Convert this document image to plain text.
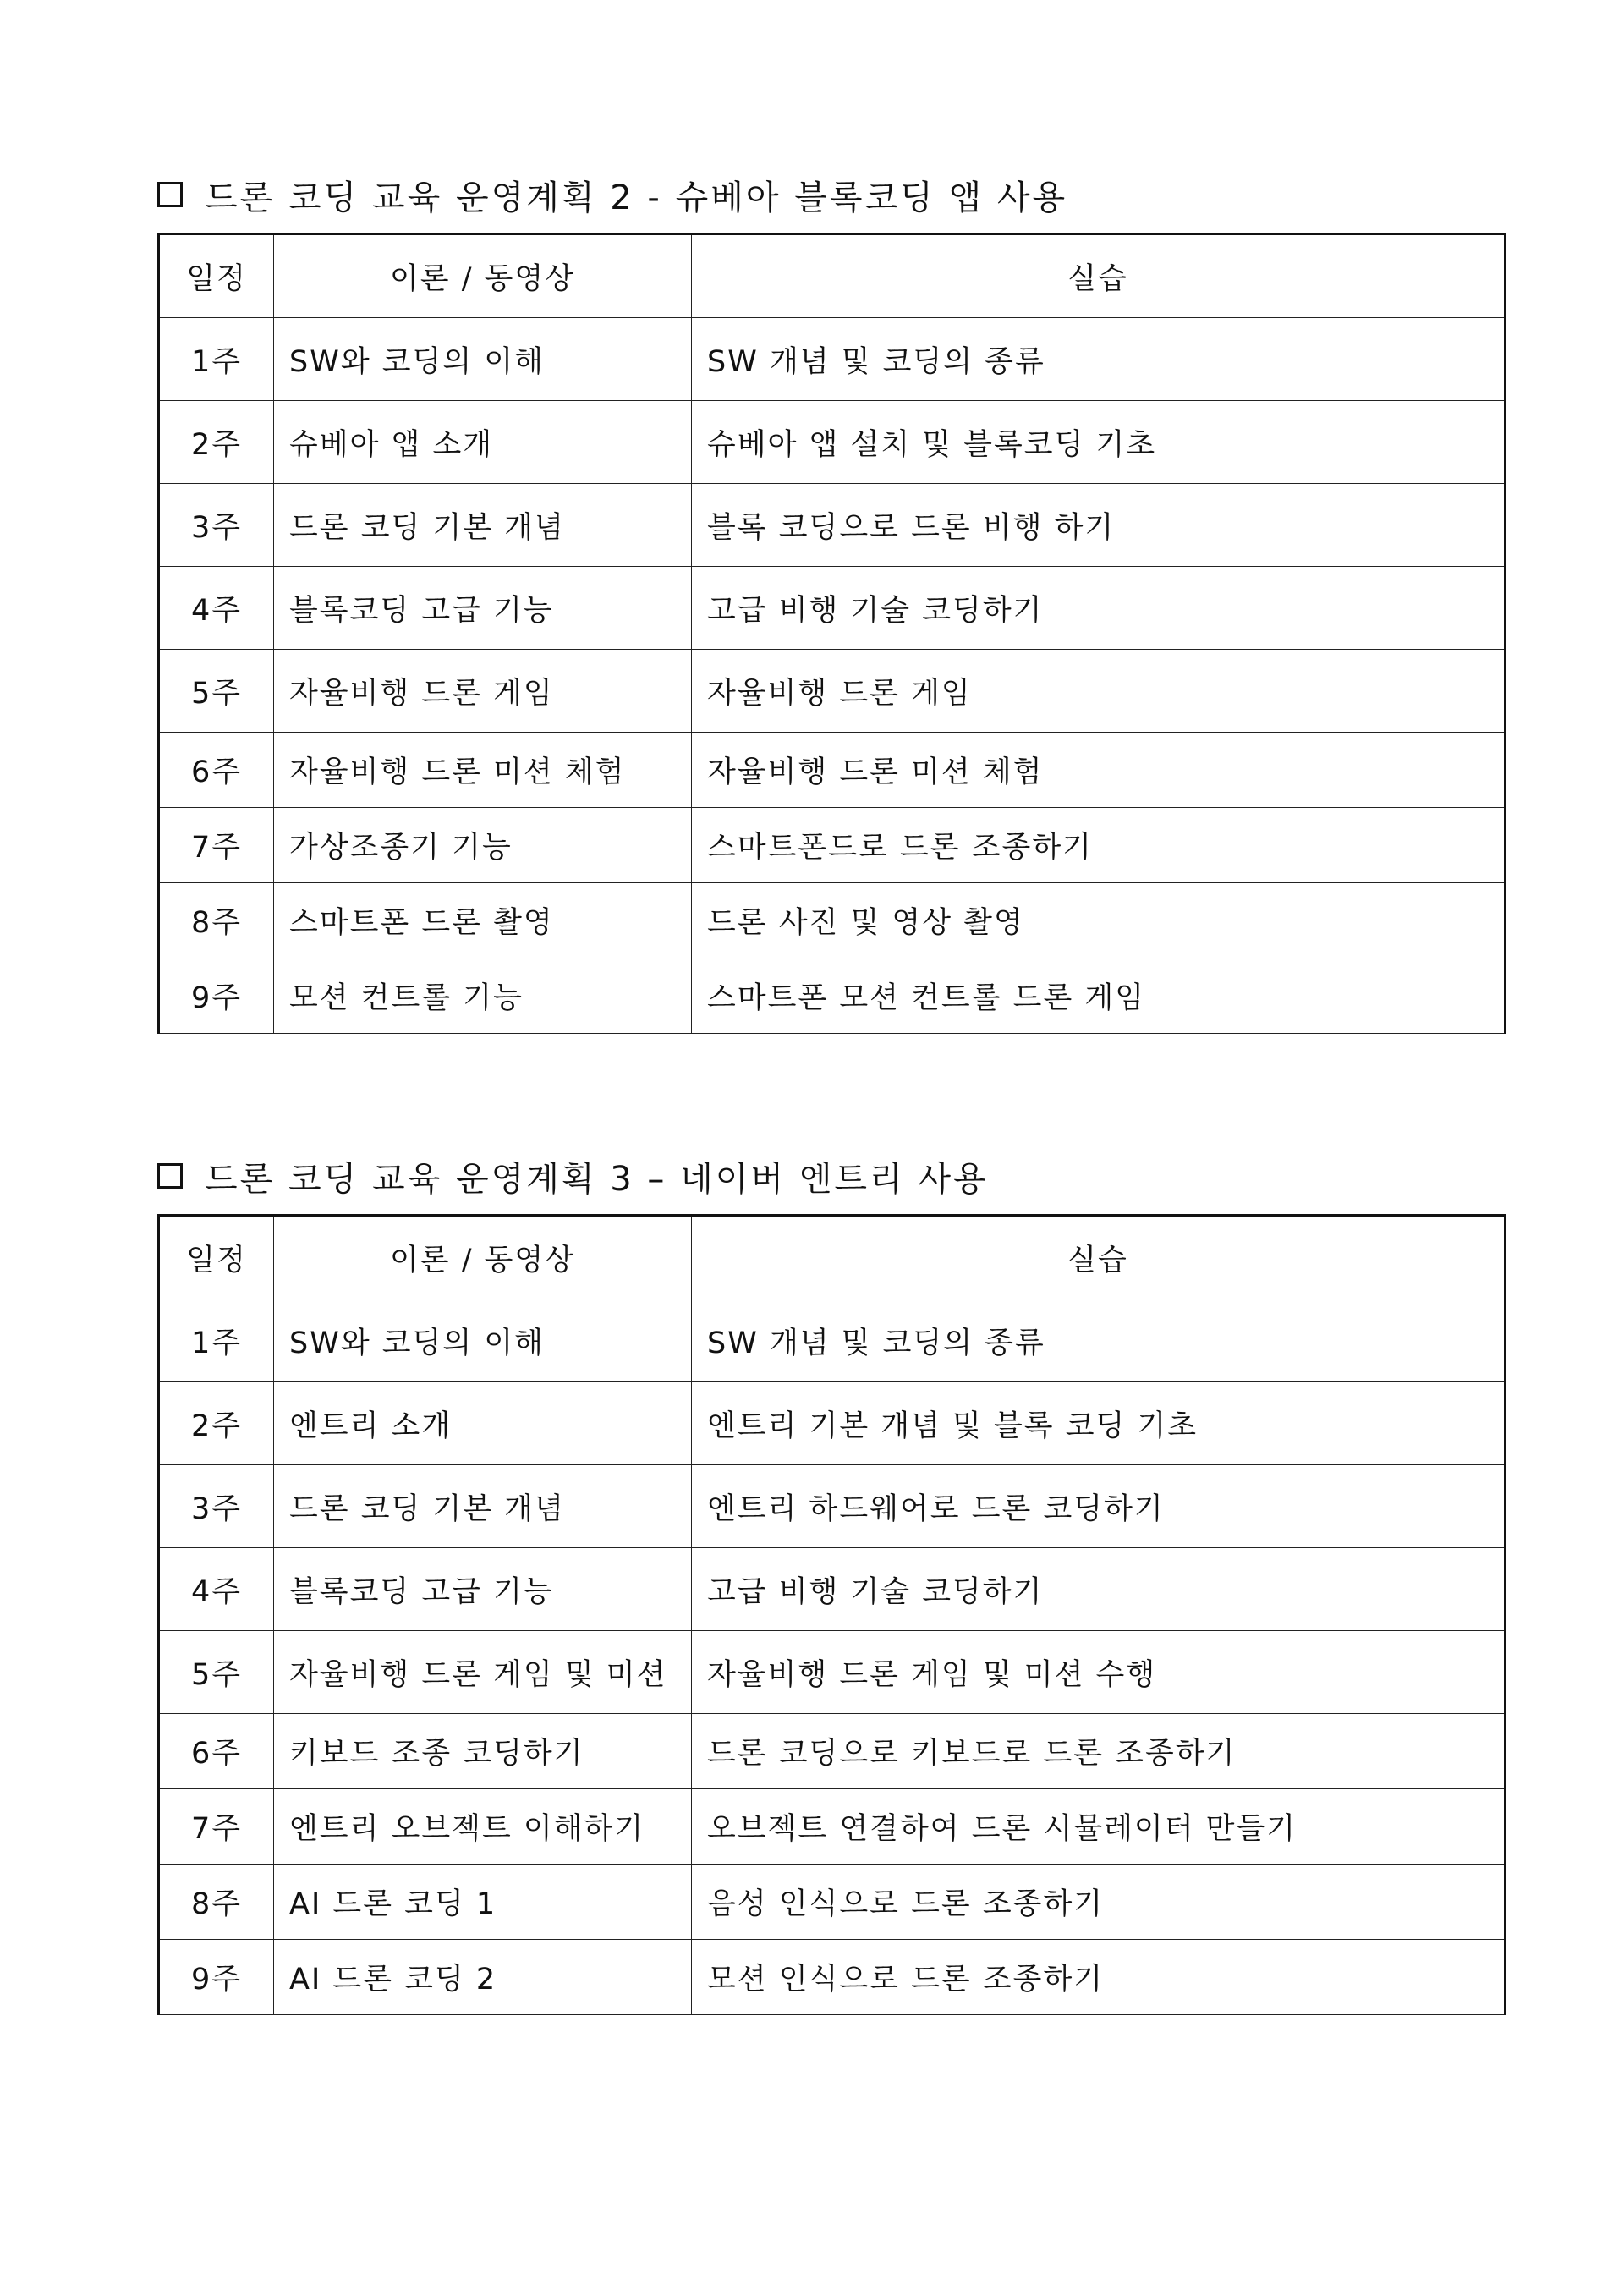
드론 코딩 교육 운영계획 2 - 슈베아 블록코딩 앱 사용
일정	이론 / 동영상	실습
1주	SW와 코딩의 이해	SW 개념 및 코딩의 종류
2주	슈베아 앱 소개	슈베아 앱 설치 및 블록코딩 기초
3주	드론 코딩 기본 개념	블록 코딩으로 드론 비행 하기
4주	블록코딩 고급 기능	고급 비행 기술 코딩하기
5주	자율비행 드론 게임	자율비행 드론 게임
6주	자율비행 드론 미션 체험	자율비행 드론 미션 체험
7주	가상조종기 기능	스마트폰드로 드론 조종하기
8주	스마트폰 드론 촬영	드론 사진 및 영상 촬영
9주	모션 컨트롤 기능	스마트폰 모션 컨트롤 드론 게임
드론 코딩 교육 운영계획 3 – 네이버 엔트리 사용
일정	이론 / 동영상	실습
1주	SW와 코딩의 이해	SW 개념 및 코딩의 종류
2주	엔트리 소개	엔트리 기본 개념 및 블록 코딩 기초
3주	드론 코딩 기본 개념	엔트리 하드웨어로 드론 코딩하기
4주	블록코딩 고급 기능	고급 비행 기술 코딩하기
5주	자율비행 드론 게임 및 미션	자율비행 드론 게임 및 미션 수행
6주	키보드 조종 코딩하기	드론 코딩으로 키보드로 드론 조종하기
7주	엔트리 오브젝트 이해하기	오브젝트 연결하여 드론 시뮬레이터 만들기
8주	AI 드론 코딩 1	음성 인식으로 드론 조종하기
9주	AI 드론 코딩 2	모션 인식으로 드론 조종하기
